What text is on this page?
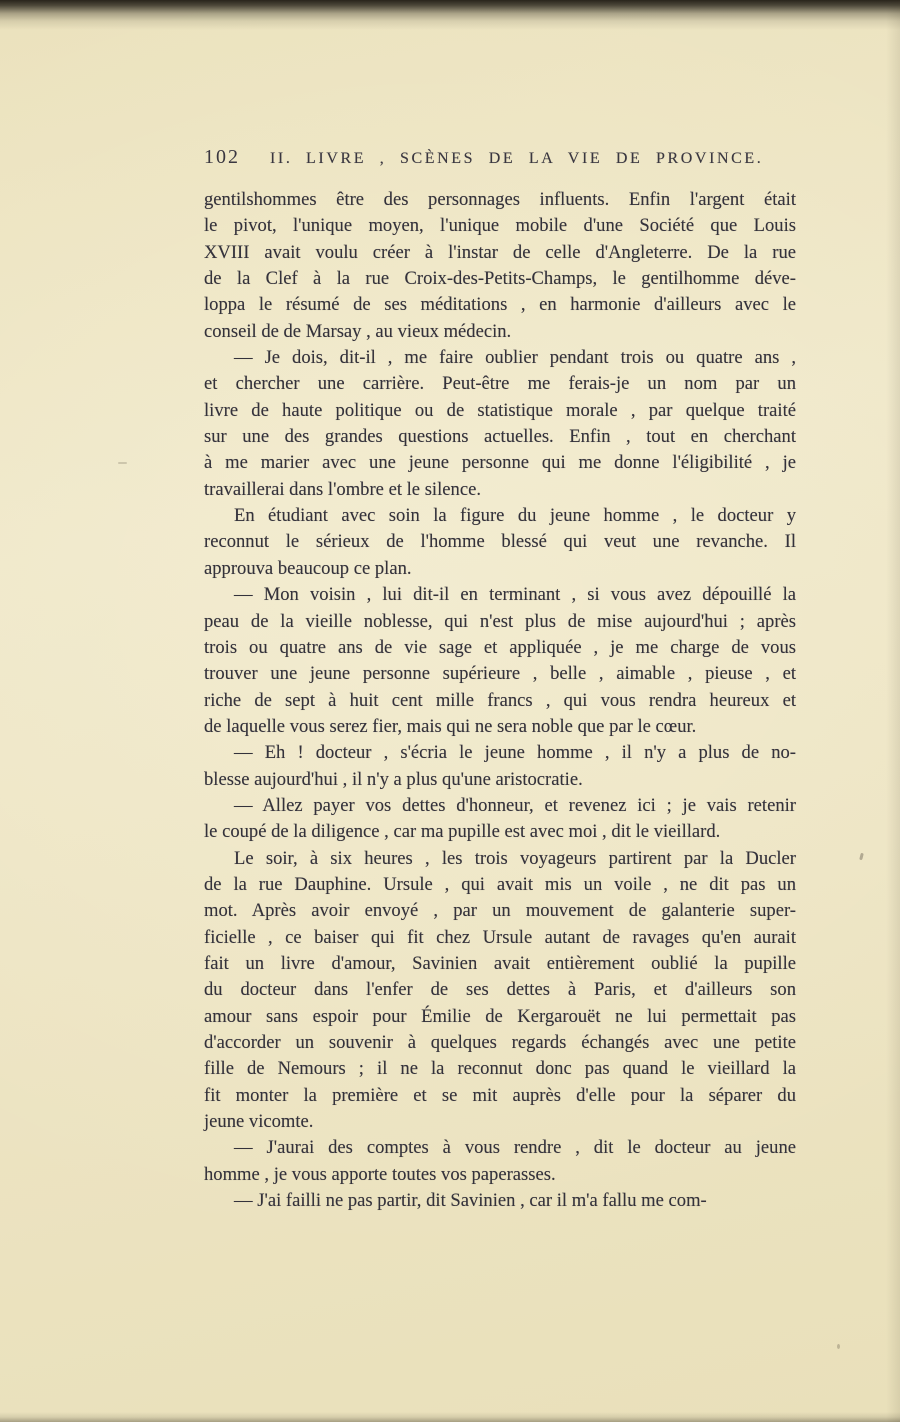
102 II. LIVRE , SCÈNES DE LA VIE DE PROVINCE.
gentilshommes être des personnages influents. Enfin l'argent était
le pivot, l'unique moyen, l'unique mobile d'une Société que Louis
XVIII avait voulu créer à l'instar de celle d'Angleterre. De la rue
de la Clef à la rue Croix-des-Petits-Champs, le gentilhomme déve-
loppa le résumé de ses méditations , en harmonie d'ailleurs avec le
conseil de de Marsay , au vieux médecin.
— Je dois, dit-il , me faire oublier pendant trois ou quatre ans ,
et chercher une carrière. Peut-être me ferais-je un nom par un
livre de haute politique ou de statistique morale , par quelque traité
sur une des grandes questions actuelles. Enfin , tout en cherchant
à me marier avec une jeune personne qui me donne l'éligibilité , je
travaillerai dans l'ombre et le silence.
En étudiant avec soin la figure du jeune homme , le docteur y
reconnut le sérieux de l'homme blessé qui veut une revanche. Il
approuva beaucoup ce plan.
— Mon voisin , lui dit-il en terminant , si vous avez dépouillé la
peau de la vieille noblesse, qui n'est plus de mise aujourd'hui ; après
trois ou quatre ans de vie sage et appliquée , je me charge de vous
trouver une jeune personne supérieure , belle , aimable , pieuse , et
riche de sept à huit cent mille francs , qui vous rendra heureux et
de laquelle vous serez fier, mais qui ne sera noble que par le cœur.
— Eh ! docteur , s'écria le jeune homme , il n'y a plus de no-
blesse aujourd'hui , il n'y a plus qu'une aristocratie.
— Allez payer vos dettes d'honneur, et revenez ici ; je vais retenir
le coupé de la diligence , car ma pupille est avec moi , dit le vieillard.
Le soir, à six heures , les trois voyageurs partirent par la Ducler
de la rue Dauphine. Ursule , qui avait mis un voile , ne dit pas un
mot. Après avoir envoyé , par un mouvement de galanterie super-
ficielle , ce baiser qui fit chez Ursule autant de ravages qu'en aurait
fait un livre d'amour, Savinien avait entièrement oublié la pupille
du docteur dans l'enfer de ses dettes à Paris, et d'ailleurs son
amour sans espoir pour Émilie de Kergarouët ne lui permettait pas
d'accorder un souvenir à quelques regards échangés avec une petite
fille de Nemours ; il ne la reconnut donc pas quand le vieillard la
fit monter la première et se mit auprès d'elle pour la séparer du
jeune vicomte.
— J'aurai des comptes à vous rendre , dit le docteur au jeune
homme , je vous apporte toutes vos paperasses.
— J'ai failli ne pas partir, dit Savinien , car il m'a fallu me com-
